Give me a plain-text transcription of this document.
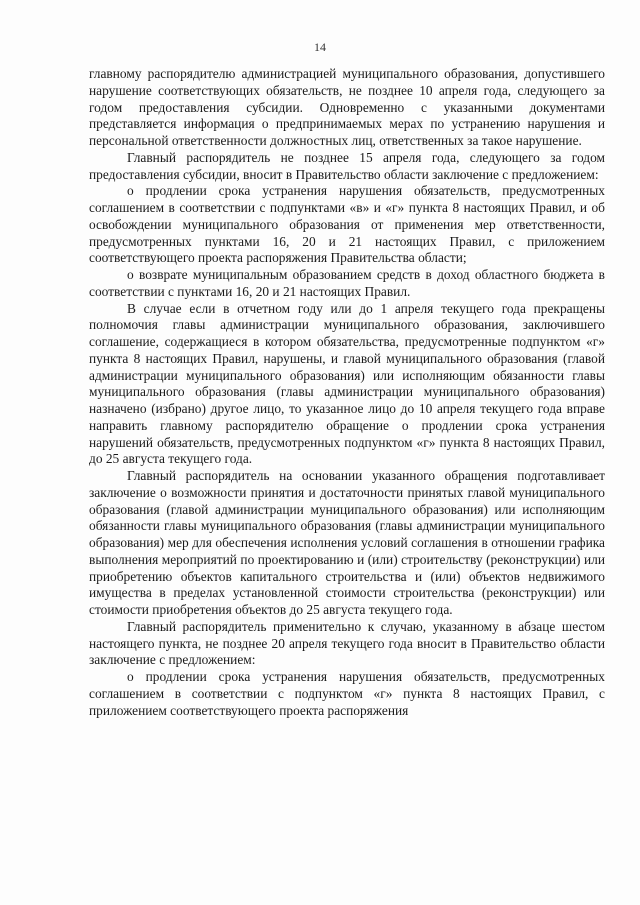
14

главному распорядителю администрацией муниципального образования, допустившего нарушение соответствующих обязательств, не позднее 10 апреля года, следующего за годом предоставления субсидии. Одновременно с указанными документами представляется информация о предпринимаемых мерах по устранению нарушения и персональной ответственности должностных лиц, ответственных за такое нарушение.

Главный распорядитель не позднее 15 апреля года, следующего за годом предоставления субсидии, вносит в Правительство области заключение с предложением:

о продлении срока устранения нарушения обязательств, предусмотренных соглашением в соответствии с подпунктами «в» и «г» пункта 8 настоящих Правил, и об освобождении муниципального образования от применения мер ответственности, предусмотренных пунктами 16, 20 и 21 настоящих Правил, с приложением соответствующего проекта распоряжения Правительства области;

о возврате муниципальным образованием средств в доход областного бюджета в соответствии с пунктами 16, 20 и 21 настоящих Правил.

В случае если в отчетном году или до 1 апреля текущего года прекращены полномочия главы администрации муниципального образования, заключившего соглашение, содержащиеся в котором обязательства, предусмотренные подпунктом «г» пункта 8 настоящих Правил, нарушены, и главой муниципального образования (главой администрации муниципального образования) или исполняющим обязанности главы муниципального образования (главы администрации муниципального образования) назначено (избрано) другое лицо, то указанное лицо до 10 апреля текущего года вправе направить главному распорядителю обращение о продлении срока устранения нарушений обязательств, предусмотренных подпунктом «г» пункта 8 настоящих Правил, до 25 августа текущего года.

Главный распорядитель на основании указанного обращения подготавливает заключение о возможности принятия и достаточности принятых главой муниципального образования (главой администрации муниципального образования) или исполняющим обязанности главы муниципального образования (главы администрации муниципального образования) мер для обеспечения исполнения условий соглашения в отношении графика выполнения мероприятий по проектированию и (или) строительству (реконструкции) или приобретению объектов капитального строительства и (или) объектов недвижимого имущества в пределах установленной стоимости строительства (реконструкции) или стоимости приобретения объектов до 25 августа текущего года.

Главный распорядитель применительно к случаю, указанному в абзаце шестом настоящего пункта, не позднее 20 апреля текущего года вносит в Правительство области заключение с предложением:

о продлении срока устранения нарушения обязательств, предусмотренных соглашением в соответствии с подпунктом «г» пункта 8 настоящих Правил, с приложением соответствующего проекта распоряжения
